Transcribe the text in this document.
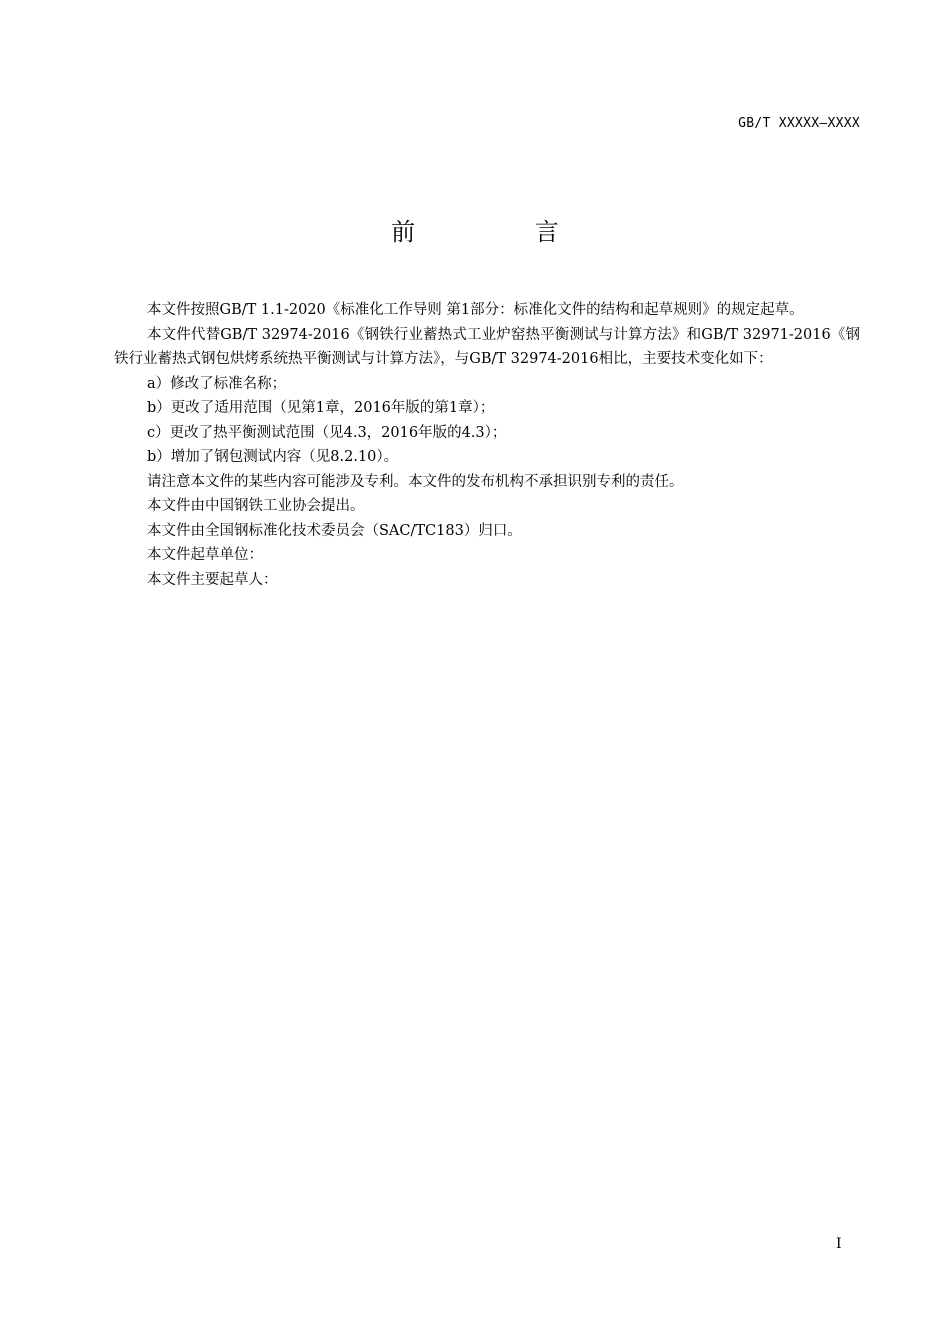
GB/T XXXXX—XXXX
前 言

本文件按照GB/T 1.1-2020《标准化工作导则 第1部分：标准化文件的结构和起草规则》的规定起草。

本文件代替GB/T 32974-2016《钢铁行业蓄热式工业炉窑热平衡测试与计算方法》和GB/T 32971-2016《钢铁行业蓄热式钢包烘烤系统热平衡测试与计算方法》，与GB/T 32974-2016相比，主要技术变化如下：

a）修改了标准名称；

b）更改了适用范围（见第1章，2016年版的第1章）；

c）更改了热平衡测试范围（见4.3，2016年版的4.3）；

b）增加了钢包测试内容（见8.2.10）。

请注意本文件的某些内容可能涉及专利。本文件的发布机构不承担识别专利的责任。

本文件由中国钢铁工业协会提出。

本文件由全国钢标准化技术委员会（SAC/TC183）归口。

本文件起草单位：

本文件主要起草人：

I
